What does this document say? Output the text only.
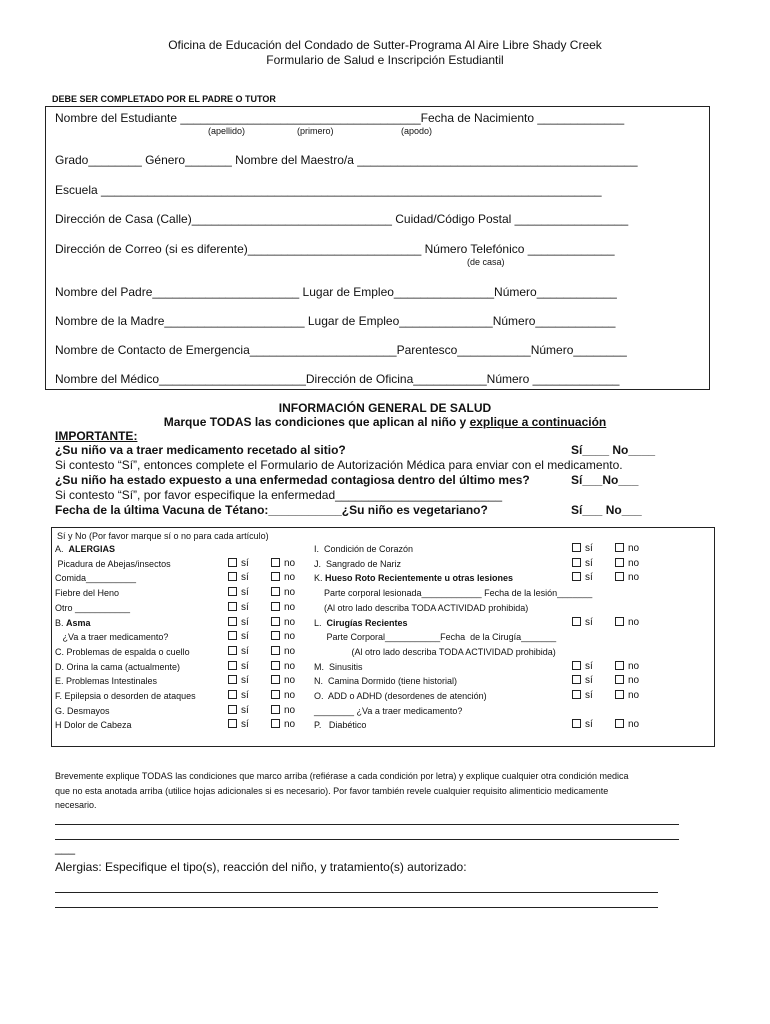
Oficina de Educación del Condado de Sutter-Programa Al Aire Libre Shady Creek
Formulario de Salud e Inscripción Estudiantil
DEBE SER COMPLETADO POR EL PADRE O TUTOR
Nombre del Estudiante ____________________________________Fecha de Nacimiento _____________
(apellido)	(primero)	(apodo)
Grado________ Género_______ Nombre del Maestro/a __________________________________________
Escuela ___________________________________________________________________________
Dirección de Casa (Calle)______________________________ Cuidad/Código Postal _________________
Dirección de Correo (si es diferente)__________________________ Número Telefónico _____________
(de casa)
Nombre del Padre______________________ Lugar de Empleo_______________Número____________
Nombre de la Madre_____________________ Lugar de Empleo______________Número____________
Nombre de Contacto de Emergencia______________________Parentesco___________Número________
Nombre del Médico______________________Dirección de Oficina___________Número _____________
INFORMACIÓN GENERAL DE SALUD
Marque TODAS las condiciones que aplican al niño y explique a continuación
IMPORTANTE:
¿Su niño va a traer medicamento recetado al sitio?	Sí____ No____
Si contesto “Sí”, entonces complete el Formulario de Autorización Médica para enviar con el medicamento.
¿Su niño ha estado expuesto a una enfermedad contagiosa dentro del último mes?	Sí___No___
Si contesto “Sí”, por favor especifique la enfermedad_________________________
Fecha de la última Vacuna de Tétano:___________¿Su niño es vegetariano?	Sí___ No___
Sí y No (Por favor marque sí o no para cada artículo)
Brevemente explique TODAS las condiciones que marco arriba (refiérase a cada condición por letra) y explique cualquier otra condición medica
que no esta anotada arriba (utilice hojas adicionales si es necesario). Por favor también revele cualquier requisito alimenticio medicamente
necesario.
___
Alergias: Especifique el tipo(s), reacción del niño, y tratamiento(s) autorizado:
A.  ALERGIAS
Picadura de Abejas/insectos	sí	no
Comida__________	sí	no
Fiebre del Heno	sí	no
Otro ___________	sí	no
B. Asma	sí	no
¿Va a traer medicamento?	sí	no
C. Problemas de espalda o cuello	sí	no
D. Orina la cama (actualmente)	sí	no
E. Problemas Intestinales	sí	no
F. Epilepsia o desorden de ataques	sí	no
G. Desmayos	sí	no
H Dolor de Cabeza	sí	no
I.  Condición de Corazón	sí	no
J.  Sangrado de Nariz	sí	no
K. Hueso Roto Recientemente u otras lesiones	sí	no
Parte corporal lesionada____________ Fecha de la lesión_______
(Al otro lado describa TODA ACTIVIDAD prohibida)
L.  Cirugías Recientes	sí	no
Parte Corporal___________Fecha  de la Cirugía_______
(Al otro lado describa TODA ACTIVIDAD prohibida)
M.  Sinusitis	sí	no
N.  Camina Dormido (tiene historial)	sí	no
O.  ADD o ADHD (desordenes de atención)	sí	no
________ ¿Va a traer medicamento?
P.   Diabético	sí	no
